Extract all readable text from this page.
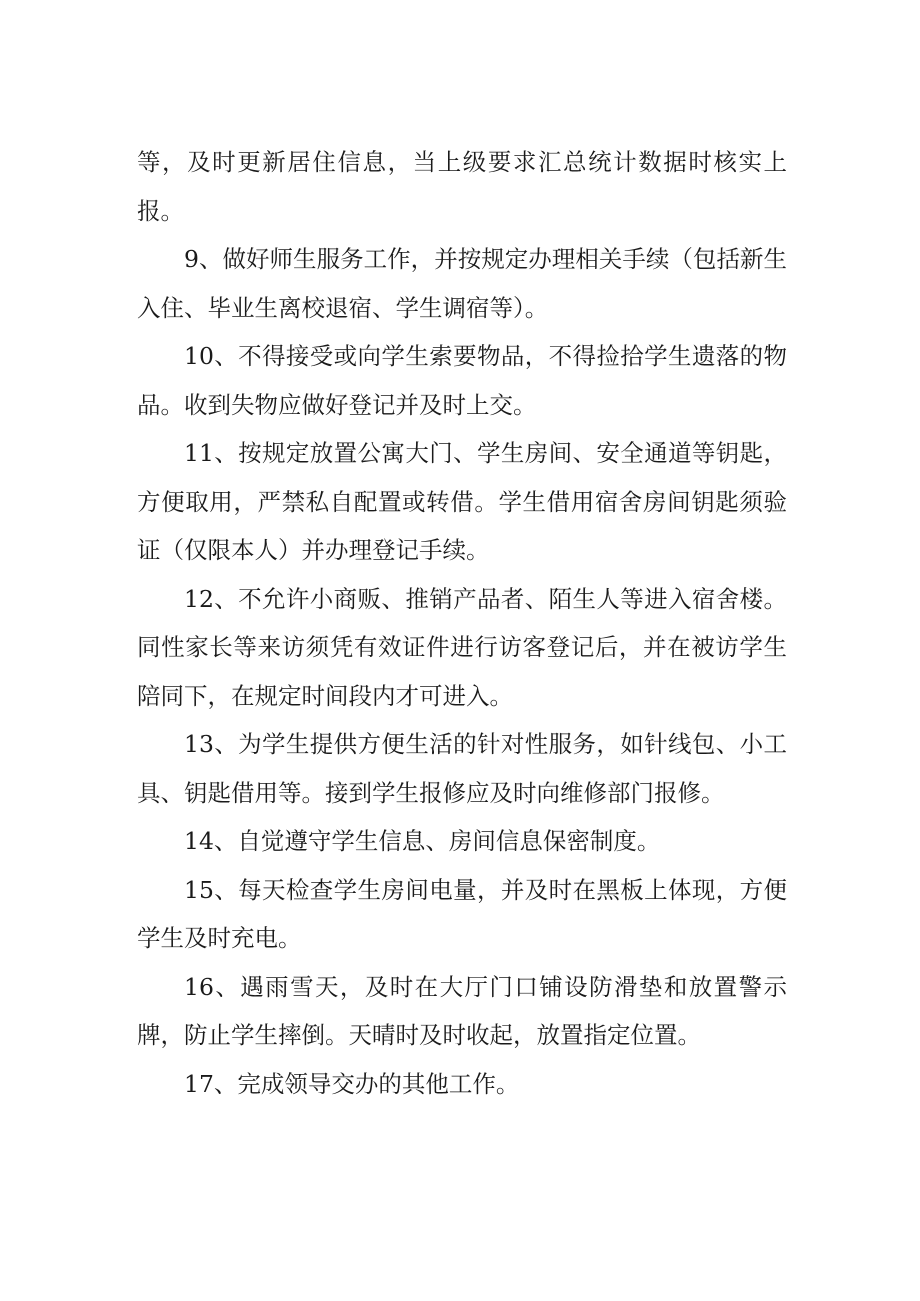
等，及时更新居住信息，当上级要求汇总统计数据时核实上报。

9、做好师生服务工作，并按规定办理相关手续（包括新生入住、毕业生离校退宿、学生调宿等）。

10、不得接受或向学生索要物品，不得捡拾学生遗落的物品。收到失物应做好登记并及时上交。

11、按规定放置公寓大门、学生房间、安全通道等钥匙，方便取用，严禁私自配置或转借。学生借用宿舍房间钥匙须验证（仅限本人）并办理登记手续。

12、不允许小商贩、推销产品者、陌生人等进入宿舍楼。同性家长等来访须凭有效证件进行访客登记后，并在被访学生陪同下，在规定时间段内才可进入。

13、为学生提供方便生活的针对性服务，如针线包、小工具、钥匙借用等。接到学生报修应及时向维修部门报修。

14、自觉遵守学生信息、房间信息保密制度。

15、每天检查学生房间电量，并及时在黑板上体现，方便学生及时充电。

16、遇雨雪天，及时在大厅门口铺设防滑垫和放置警示牌，防止学生摔倒。天晴时及时收起，放置指定位置。

17、完成领导交办的其他工作。
